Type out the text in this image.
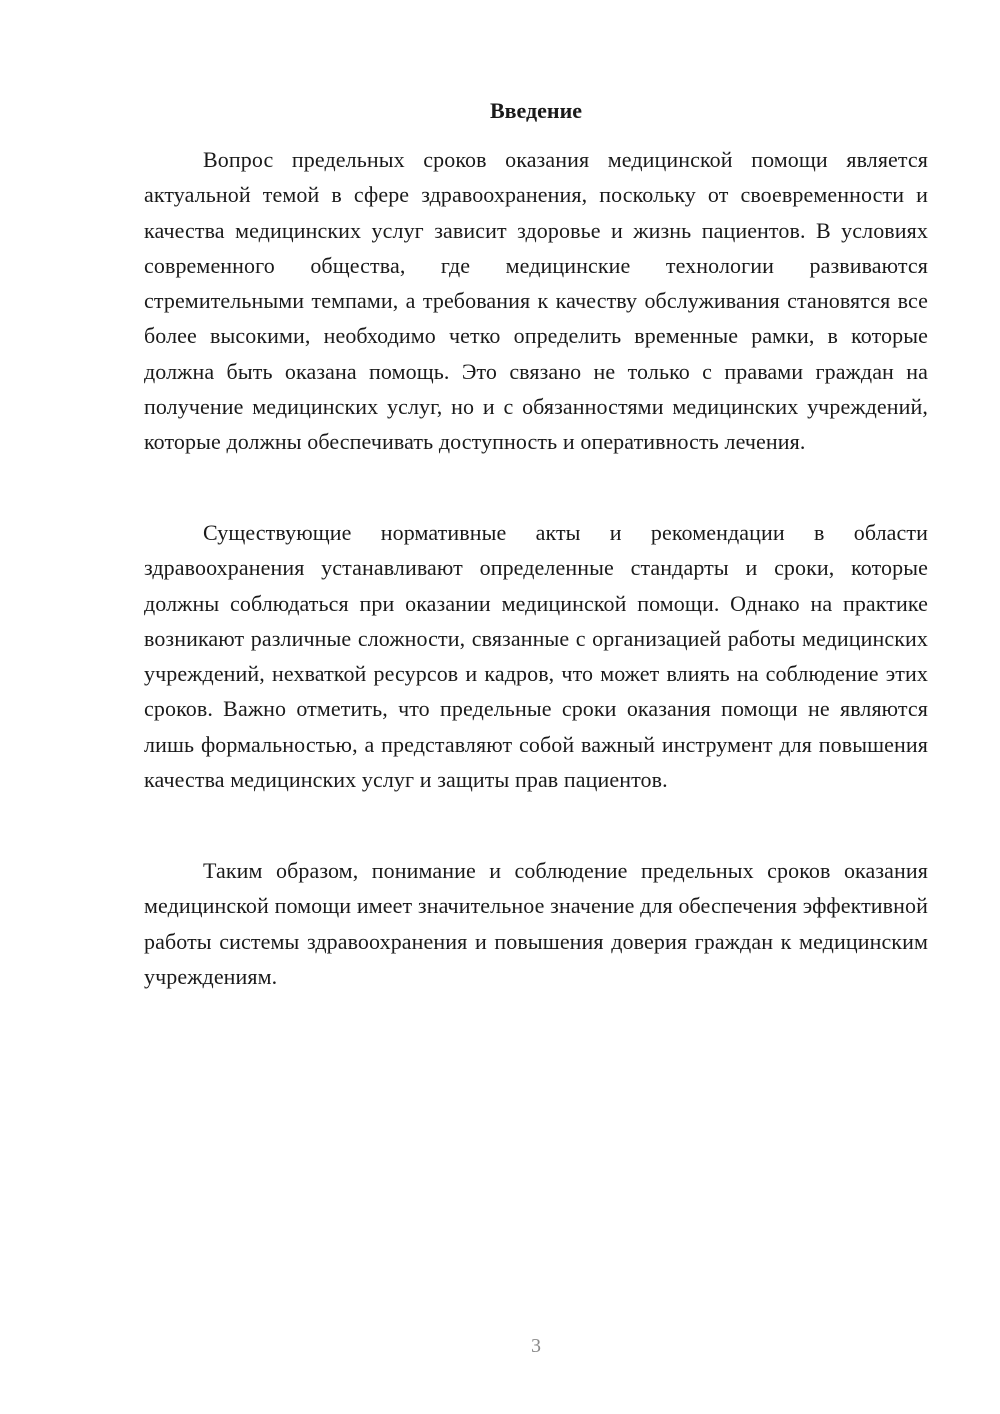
Введение

Вопрос предельных сроков оказания медицинской помощи является актуальной темой в сфере здравоохранения, поскольку от своевременности и качества медицинских услуг зависит здоровье и жизнь пациентов. В условиях современного общества, где медицинские технологии развиваются стремительными темпами, а требования к качеству обслуживания становятся все более высокими, необходимо четко определить временные рамки, в которые должна быть оказана помощь. Это связано не только с правами граждан на получение медицинских услуг, но и с обязанностями медицинских учреждений, которые должны обеспечивать доступность и оперативность лечения.

Существующие нормативные акты и рекомендации в области здравоохранения устанавливают определенные стандарты и сроки, которые должны соблюдаться при оказании медицинской помощи. Однако на практике возникают различные сложности, связанные с организацией работы медицинских учреждений, нехваткой ресурсов и кадров, что может влиять на соблюдение этих сроков. Важно отметить, что предельные сроки оказания помощи не являются лишь формальностью, а представляют собой важный инструмент для повышения качества медицинских услуг и защиты прав пациентов.

Таким образом, понимание и соблюдение предельных сроков оказания медицинской помощи имеет значительное значение для обеспечения эффективной работы системы здравоохранения и повышения доверия граждан к медицинским учреждениям.

3
